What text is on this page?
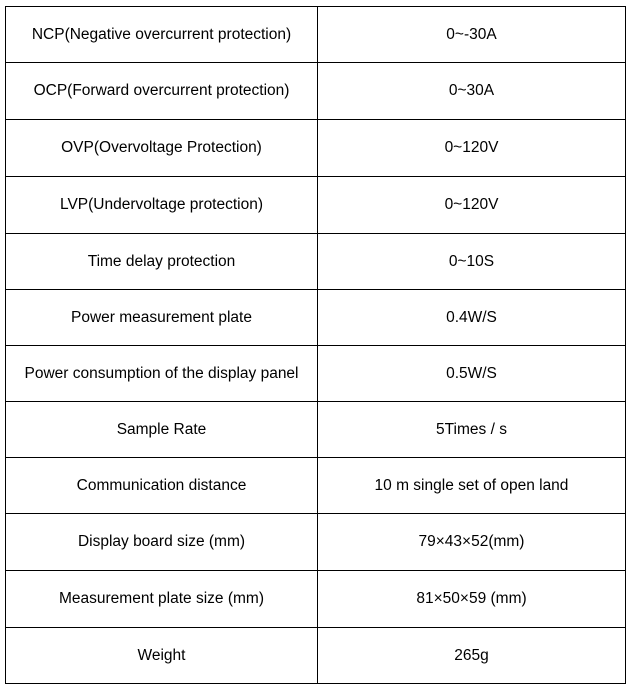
NCP(Negative overcurrent protection)	0~-30A
OCP(Forward overcurrent protection)	0~30A
OVP(Overvoltage Protection)	0~120V
LVP(Undervoltage protection)	0~120V
Time delay protection	0~10S
Power measurement plate	0.4W/S
Power consumption of the display panel	0.5W/S
Sample Rate	5Times / s
Communication distance	10 m single set of open land
Display board size (mm)	79×43×52(mm)
Measurement plate size (mm)	81×50×59 (mm)
Weight	265g
